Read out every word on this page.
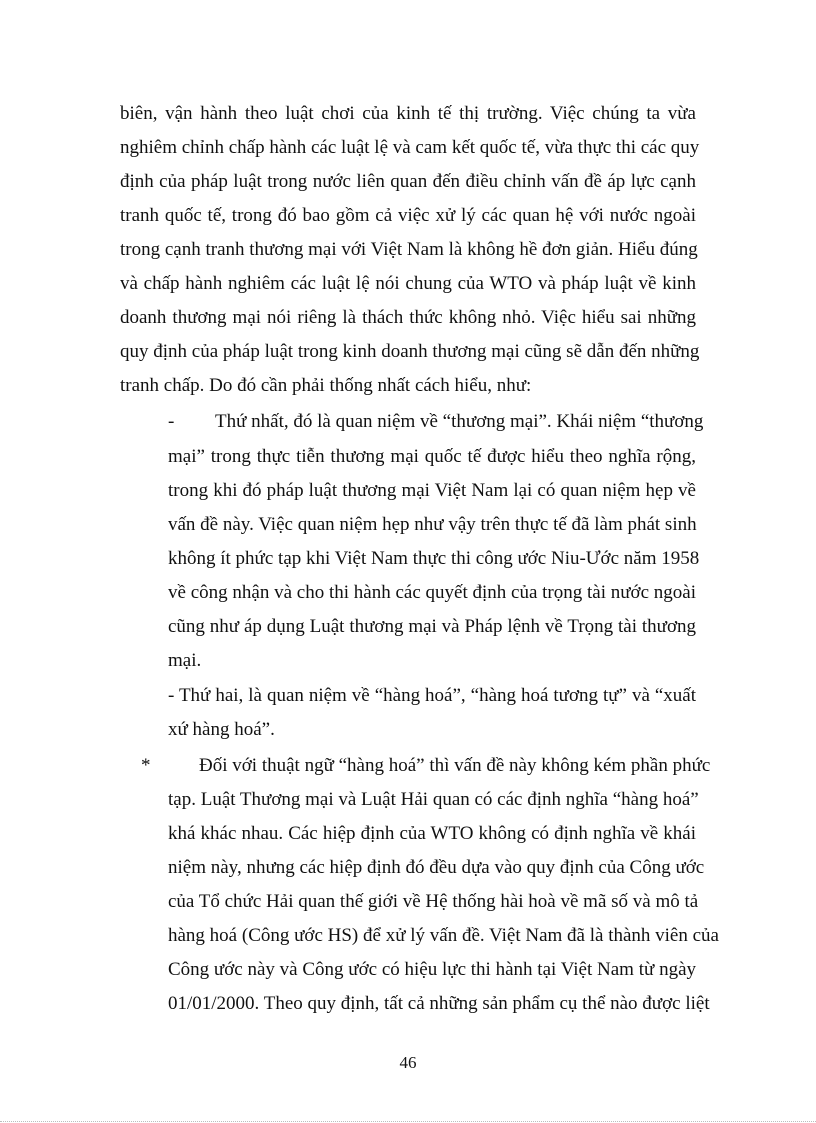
biên, vận hành theo luật chơi của kinh tế thị trường. Việc chúng ta vừa
nghiêm chỉnh chấp hành các luật lệ và cam kết quốc tế, vừa thực thi các quy
định của pháp luật trong nước liên quan đến điều chỉnh vấn đề áp lực cạnh
tranh quốc tế, trong đó bao gồm cả việc xử lý các quan hệ với nước ngoài
trong cạnh tranh thương mại với Việt Nam là không hề đơn giản. Hiểu đúng
và chấp hành nghiêm các luật lệ nói chung của WTO và pháp luật về kinh
doanh thương mại nói riêng là thách thức không nhỏ. Việc hiểu sai những
quy định của pháp luật trong kinh doanh thương mại cũng sẽ dẫn đến những
tranh chấp. Do đó cần phải thống nhất cách hiểu, như:
- Thứ nhất, đó là quan niệm về “thương mại”. Khái niệm “thương
mại” trong thực tiễn thương mại quốc tế được hiểu theo nghĩa rộng,
trong khi đó pháp luật thương mại Việt Nam lại có quan niệm hẹp về
vấn đề này. Việc quan niệm hẹp như vậy trên thực tế đã làm phát sinh
không ít phức tạp khi Việt Nam thực thi công ước Niu-Ước năm 1958
về công nhận và cho thi hành các quyết định của trọng tài nước ngoài
cũng như áp dụng Luật thương mại và Pháp lệnh về Trọng tài thương
mại.
- Thứ hai, là quan niệm về “hàng hoá”, “hàng hoá tương tự” và “xuất
xứ hàng hoá”.
*	Đối với thuật ngữ “hàng hoá” thì vấn đề này không kém phần phức
tạp. Luật Thương mại và Luật Hải quan có các định nghĩa “hàng hoá”
khá khác nhau. Các hiệp định của WTO không có định nghĩa về khái
niệm này, nhưng các hiệp định đó đều dựa vào quy định của Công ước
của Tổ chức Hải quan thế giới về Hệ thống hài hoà về mã số và mô tả
hàng hoá (Công ước HS) để xử lý vấn đề. Việt Nam đã là thành viên của
Công ước này và Công ước có hiệu lực thi hành tại Việt Nam từ ngày
01/01/2000. Theo quy định, tất cả những sản phẩm cụ thể nào được liệt
46
